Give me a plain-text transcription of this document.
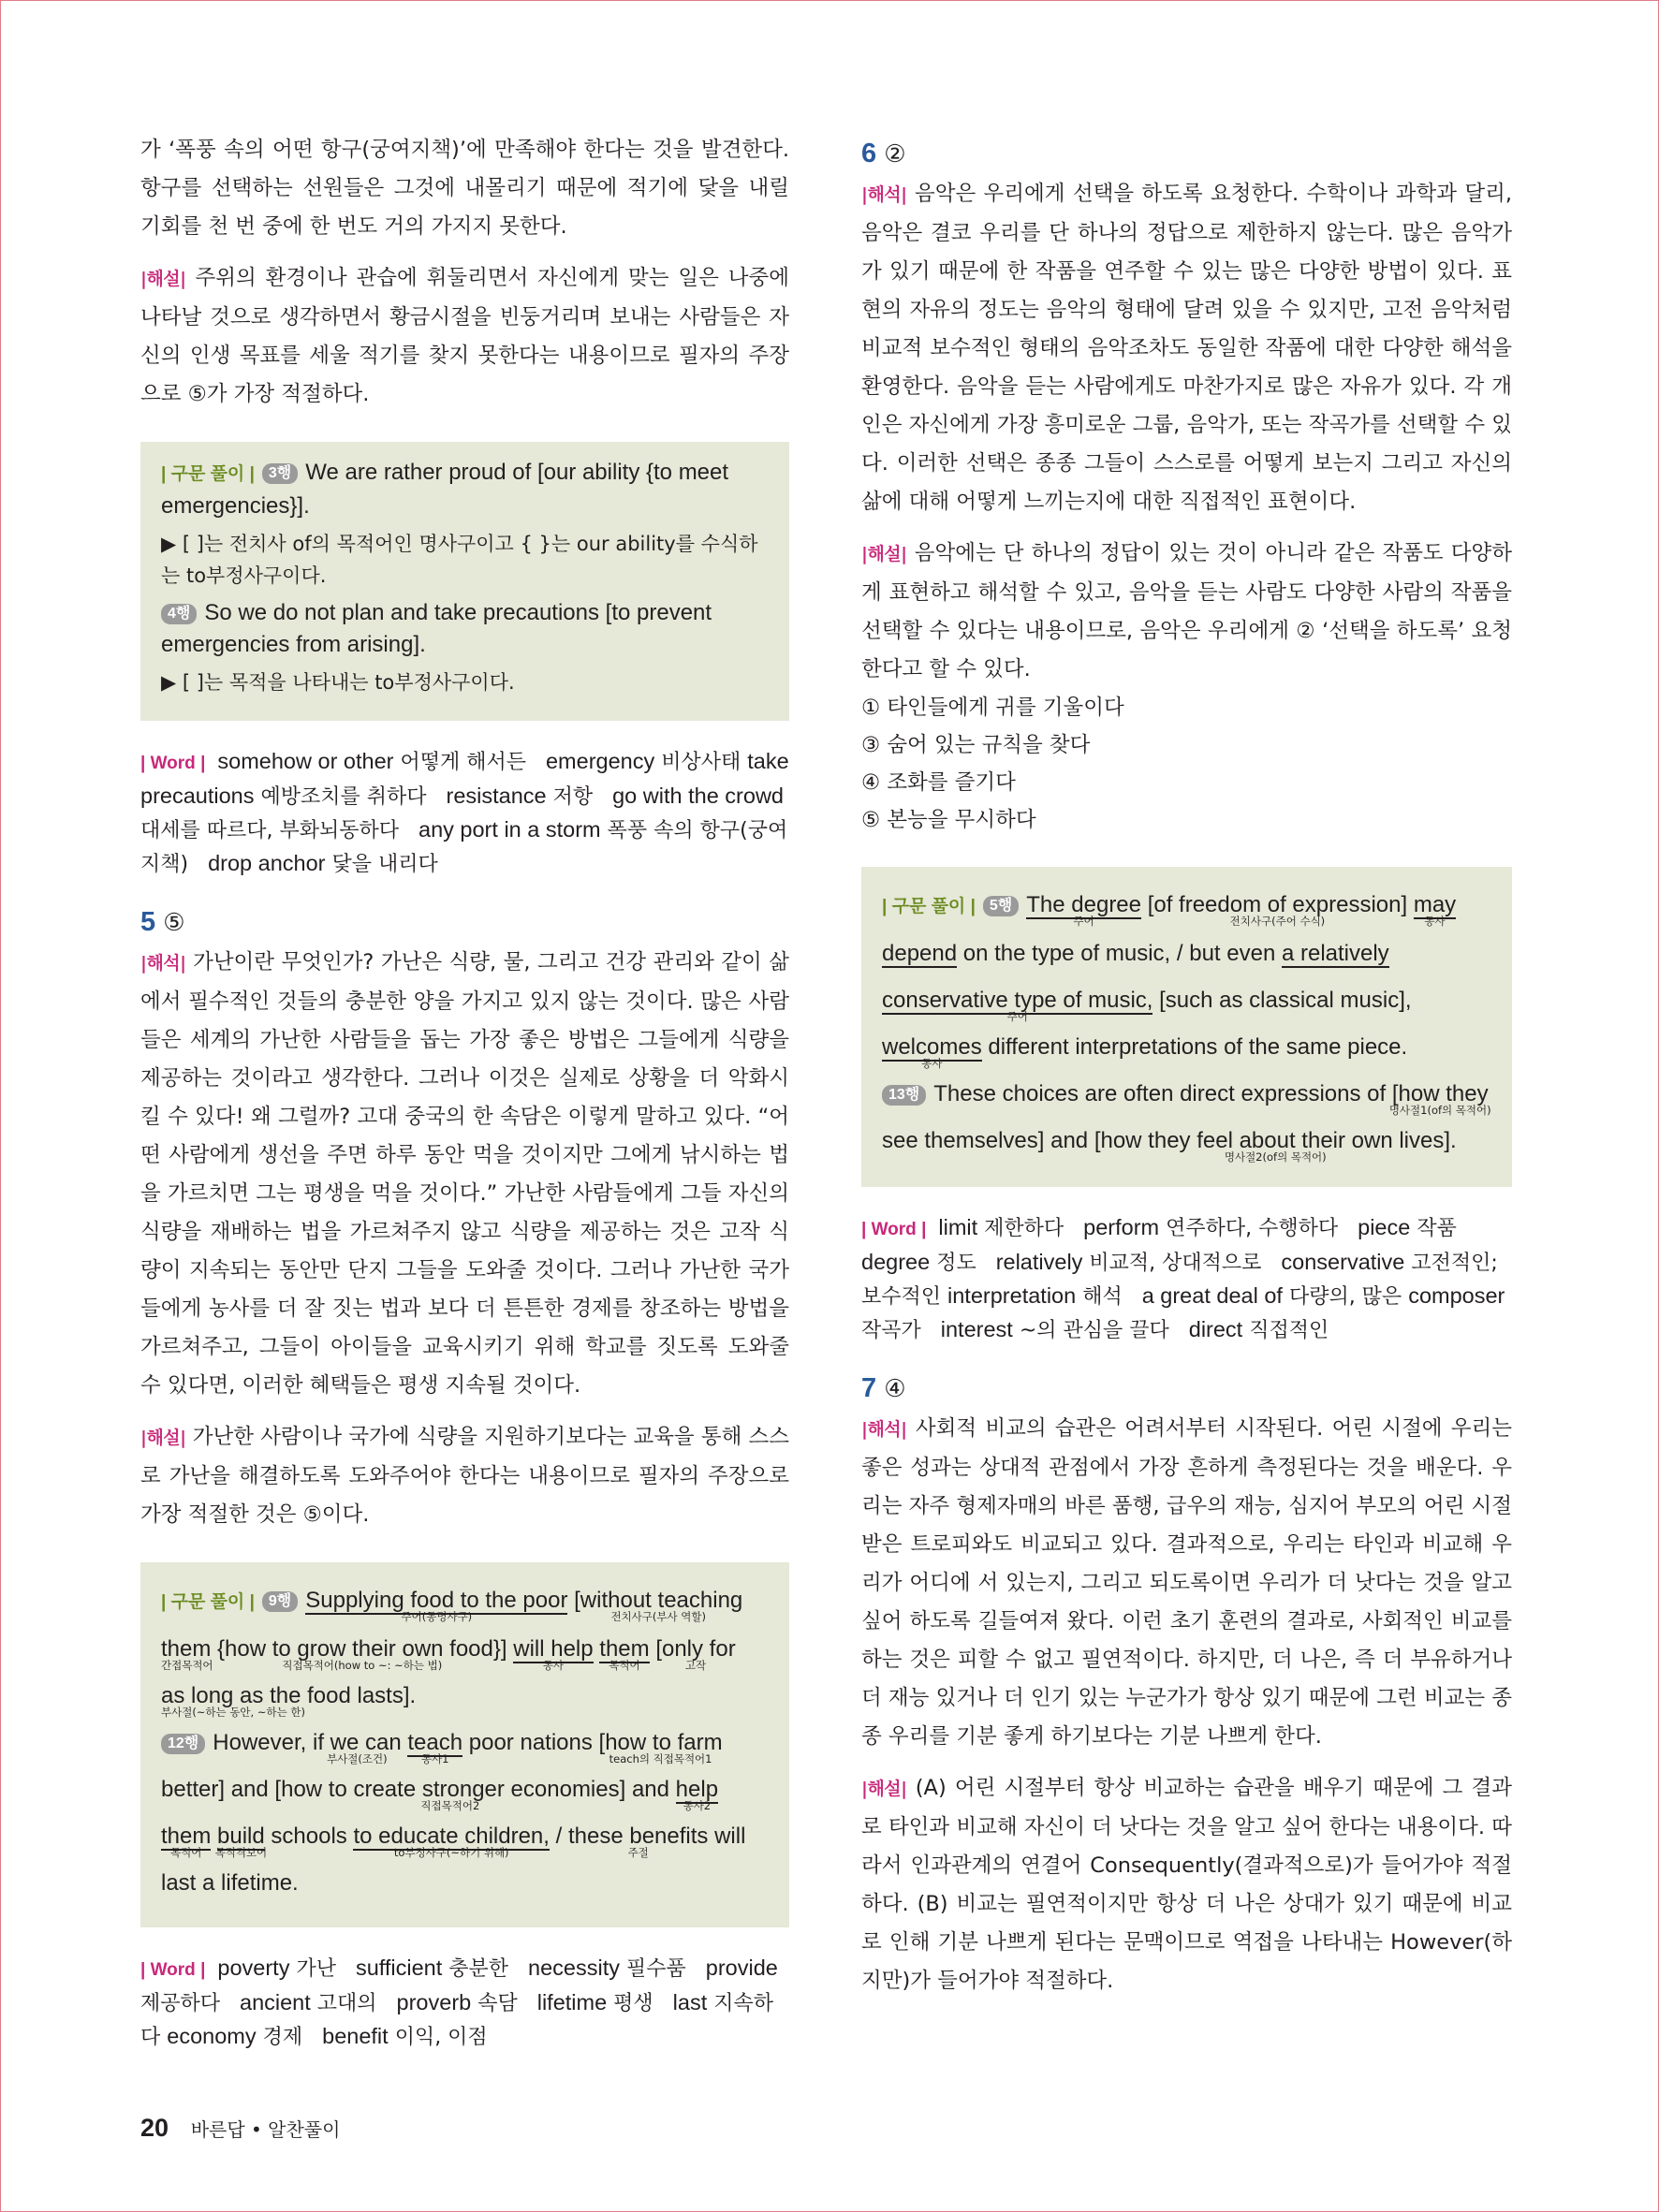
가 ‘폭풍 속의 어떤 항구(궁여지책)’에 만족해야 한다는 것을 발견한다. 항구를 선택하는 선원들은 그것에 내몰리기 때문에 적기에 닻을 내릴 기회를 천 번 중에 한 번도 거의 가지지 못한다.

|해설| 주위의 환경이나 관습에 휘둘리면서 자신에게 맞는 일은 나중에 나타날 것으로 생각하면서 황금시절을 빈둥거리며 보내는 사람들은 자신의 인생 목표를 세울 적기를 찾지 못한다는 내용이므로 필자의 주장으로 ⑤가 가장 적절하다.

| 구문 풀이 | 3행 We are rather proud of [our ability {to meet emergencies}].
▶ [ ]는 전치사 of의 목적어인 명사구이고 { }는 our ability를 수식하는 to부정사구이다.
4행 So we do not plan and take precautions [to prevent emergencies from arising].
▶ [ ]는 목적을 나타내는 to부정사구이다.
| Word | somehow or other 어떻게 해서든 emergency 비상사태 take precautions 예방조치를 취하다 resistance 저항 go with the crowd 대세를 따르다, 부화뇌동하다 any port in a storm 폭풍 속의 항구(궁여지책) drop anchor 닻을 내리다
5 ⑤

|해석| 가난이란 무엇인가? 가난은 식량, 물, 그리고 건강 관리와 같이 삶에서 필수적인 것들의 충분한 양을 가지고 있지 않는 것이다. 많은 사람들은 세계의 가난한 사람들을 돕는 가장 좋은 방법은 그들에게 식량을 제공하는 것이라고 생각한다. 그러나 이것은 실제로 상황을 더 악화시킬 수 있다! 왜 그럴까? 고대 중국의 한 속담은 이렇게 말하고 있다. “어떤 사람에게 생선을 주면 하루 동안 먹을 것이지만 그에게 낚시하는 법을 가르치면 그는 평생을 먹을 것이다.” 가난한 사람들에게 그들 자신의 식량을 재배하는 법을 가르쳐주지 않고 식량을 제공하는 것은 고작 식량이 지속되는 동안만 단지 그들을 도와줄 것이다. 그러나 가난한 국가들에게 농사를 더 잘 짓는 법과 보다 더 튼튼한 경제를 창조하는 방법을 가르쳐주고, 그들이 아이들을 교육시키기 위해 학교를 짓도록 도와줄 수 있다면, 이러한 혜택들은 평생 지속될 것이다.

|해설| 가난한 사람이나 국가에 식량을 지원하기보다는 교육을 통해 스스로 가난을 해결하도록 도와주어야 한다는 내용이므로 필자의 주장으로 가장 적절한 것은 ⑤이다.

| 구문 풀이 | 9행 Supplying food to the poor
주어(동명사구)
[without teaching
전치사구(부사 역할)
them
간접목적어
{how to grow their own food}]
직접목적어(how to ~: ~하는 법)
will help
동사
them
목적어
[only for
고작
as long as the food lasts].
부사절(~하는 동안, ~하는 한)
12행 However, if we can
부사절(조건)
teach
동사1
poor nations [how to farm
teach의 직접목적어1
better] and [how to create stronger economies]
직접목적어2
and help
동사2
them
목적어
build
목적격보어
schools to educate children,
to부정사구(~하기 위해)
/ these benefits
주절
will last a lifetime.
| Word | poverty 가난 sufficient 충분한 necessity 필수품 provide 제공하다 ancient 고대의 proverb 속담 lifetime 평생 last 지속하다 economy 경제 benefit 이익, 이점
6 ②

|해석| 음악은 우리에게 선택을 하도록 요청한다. 수학이나 과학과 달리, 음악은 결코 우리를 단 하나의 정답으로 제한하지 않는다. 많은 음악가가 있기 때문에 한 작품을 연주할 수 있는 많은 다양한 방법이 있다. 표현의 자유의 정도는 음악의 형태에 달려 있을 수 있지만, 고전 음악처럼 비교적 보수적인 형태의 음악조차도 동일한 작품에 대한 다양한 해석을 환영한다. 음악을 듣는 사람에게도 마찬가지로 많은 자유가 있다. 각 개인은 자신에게 가장 흥미로운 그룹, 음악가, 또는 작곡가를 선택할 수 있다. 이러한 선택은 종종 그들이 스스로를 어떻게 보는지 그리고 자신의 삶에 대해 어떻게 느끼는지에 대한 직접적인 표현이다.

|해설| 음악에는 단 하나의 정답이 있는 것이 아니라 같은 작품도 다양하게 표현하고 해석할 수 있고, 음악을 듣는 사람도 다양한 사람의 작품을 선택할 수 있다는 내용이므로, 음악은 우리에게 ② ‘선택을 하도록’ 요청한다고 할 수 있다.

① 타인들에게 귀를 기울이다
③ 숨어 있는 규칙을 찾다
④ 조화를 즐기다
⑤ 본능을 무시하다
| 구문 풀이 | 5행 The degree
주어
[of freedom of expression]
전치사구(주어 수식)
may
동사
depend on the type of music, / but even a relatively
conservative type of music,
주어
[such as classical music],
welcomes
동사
different interpretations of the same piece.
13행 These choices are often direct expressions of [how they
명사절1(of의 목적어)
see themselves] and [how they feel about their own lives].
명사절2(of의 목적어)
| Word | limit 제한하다 perform 연주하다, 수행하다 piece 작품 degree 정도 relatively 비교적, 상대적으로 conservative 고전적인; 보수적인 interpretation 해석 a great deal of 다량의, 많은 composer 작곡가 interest ~의 관심을 끌다 direct 직접적인
7 ④

|해석| 사회적 비교의 습관은 어려서부터 시작된다. 어린 시절에 우리는 좋은 성과는 상대적 관점에서 가장 흔하게 측정된다는 것을 배운다. 우리는 자주 형제자매의 바른 품행, 급우의 재능, 심지어 부모의 어린 시절 받은 트로피와도 비교되고 있다. 결과적으로, 우리는 타인과 비교해 우리가 어디에 서 있는지, 그리고 되도록이면 우리가 더 낫다는 것을 알고 싶어 하도록 길들여져 왔다. 이런 초기 훈련의 결과로, 사회적인 비교를 하는 것은 피할 수 없고 필연적이다. 하지만, 더 나은, 즉 더 부유하거나 더 재능 있거나 더 인기 있는 누군가가 항상 있기 때문에 그런 비교는 종종 우리를 기분 좋게 하기보다는 기분 나쁘게 한다.

|해설| (A) 어린 시절부터 항상 비교하는 습관을 배우기 때문에 그 결과로 타인과 비교해 자신이 더 낫다는 것을 알고 싶어 한다는 내용이다. 따라서 인과관계의 연결어 Consequently(결과적으로)가 들어가야 적절하다. (B) 비교는 필연적이지만 항상 더 나은 상대가 있기 때문에 비교로 인해 기분 나쁘게 된다는 문맥이므로 역접을 나타내는 However(하지만)가 들어가야 적절하다.

20 바른답 • 알찬풀이
